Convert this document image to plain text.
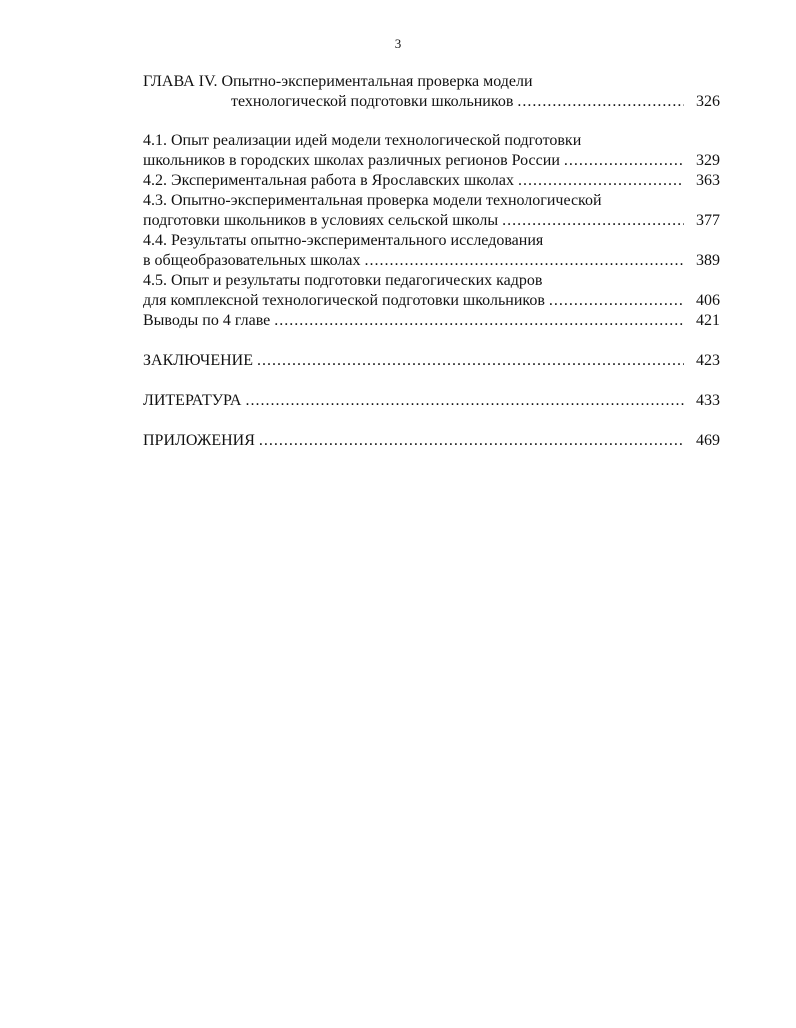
3
ГЛАВА IV. Опытно-экспериментальная проверка модели
технологической подготовки школьников .....	326
4.1. Опыт реализации идей модели технологической подготовки
школьников в городских школах различных регионов России .....	329
4.2. Экспериментальная работа в Ярославских школах .....	363
4.3. Опытно-экспериментальная проверка модели технологической
подготовки школьников в условиях сельской школы .....	377
4.4. Результаты опытно-экспериментального исследования
в общеобразовательных школах .....	389
4.5. Опыт и результаты подготовки педагогических кадров
для комплексной технологической подготовки школьников .....	406
Выводы по 4 главе .....	421
ЗАКЛЮЧЕНИЕ .....	423
ЛИТЕРАТУРА .....	433
ПРИЛОЖЕНИЯ .....	469
